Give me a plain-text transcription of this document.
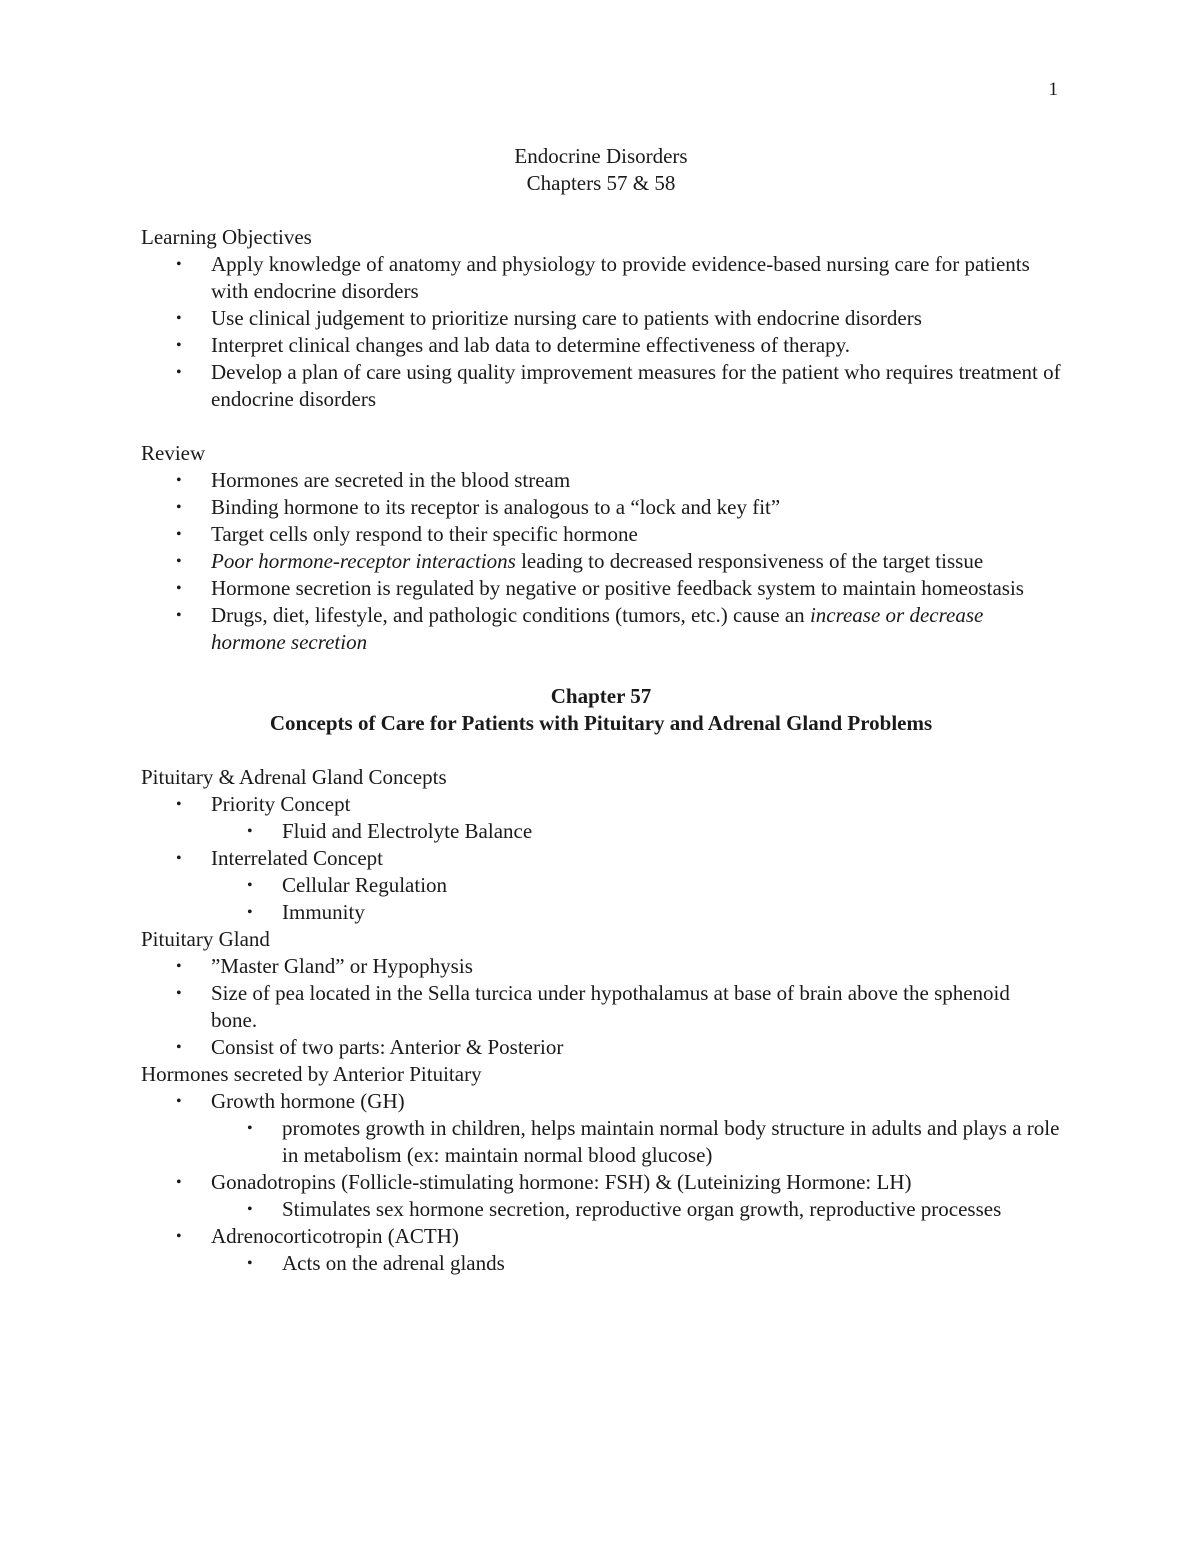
1
Endocrine Disorders
Chapters 57 & 58
Learning Objectives
• Apply knowledge of anatomy and physiology to provide evidence-based nursing care for patients with endocrine disorders
• Use clinical judgement to prioritize nursing care to patients with endocrine disorders
• Interpret clinical changes and lab data to determine effectiveness of therapy.
• Develop a plan of care using quality improvement measures for the patient who requires treatment of endocrine disorders
Review
• Hormones are secreted in the blood stream
• Binding hormone to its receptor is analogous to a “lock and key fit”
• Target cells only respond to their specific hormone
• Poor hormone-receptor interactions leading to decreased responsiveness of the target tissue
• Hormone secretion is regulated by negative or positive feedback system to maintain homeostasis
• Drugs, diet, lifestyle, and pathologic conditions (tumors, etc.) cause an increase or decrease hormone secretion
Chapter 57
Concepts of Care for Patients with Pituitary and Adrenal Gland Problems
Pituitary & Adrenal Gland Concepts
• Priority Concept
• Fluid and Electrolyte Balance
• Interrelated Concept
• Cellular Regulation
• Immunity
Pituitary Gland
• ”Master Gland” or Hypophysis
• Size of pea located in the Sella turcica under hypothalamus at base of brain above the sphenoid bone.
• Consist of two parts: Anterior & Posterior
Hormones secreted by Anterior Pituitary
• Growth hormone (GH)
• promotes growth in children, helps maintain normal body structure in adults and plays a role in metabolism (ex: maintain normal blood glucose)
• Gonadotropins (Follicle-stimulating hormone: FSH) & (Luteinizing Hormone: LH)
• Stimulates sex hormone secretion, reproductive organ growth, reproductive processes
• Adrenocorticotropin (ACTH)
• Acts on the adrenal glands
